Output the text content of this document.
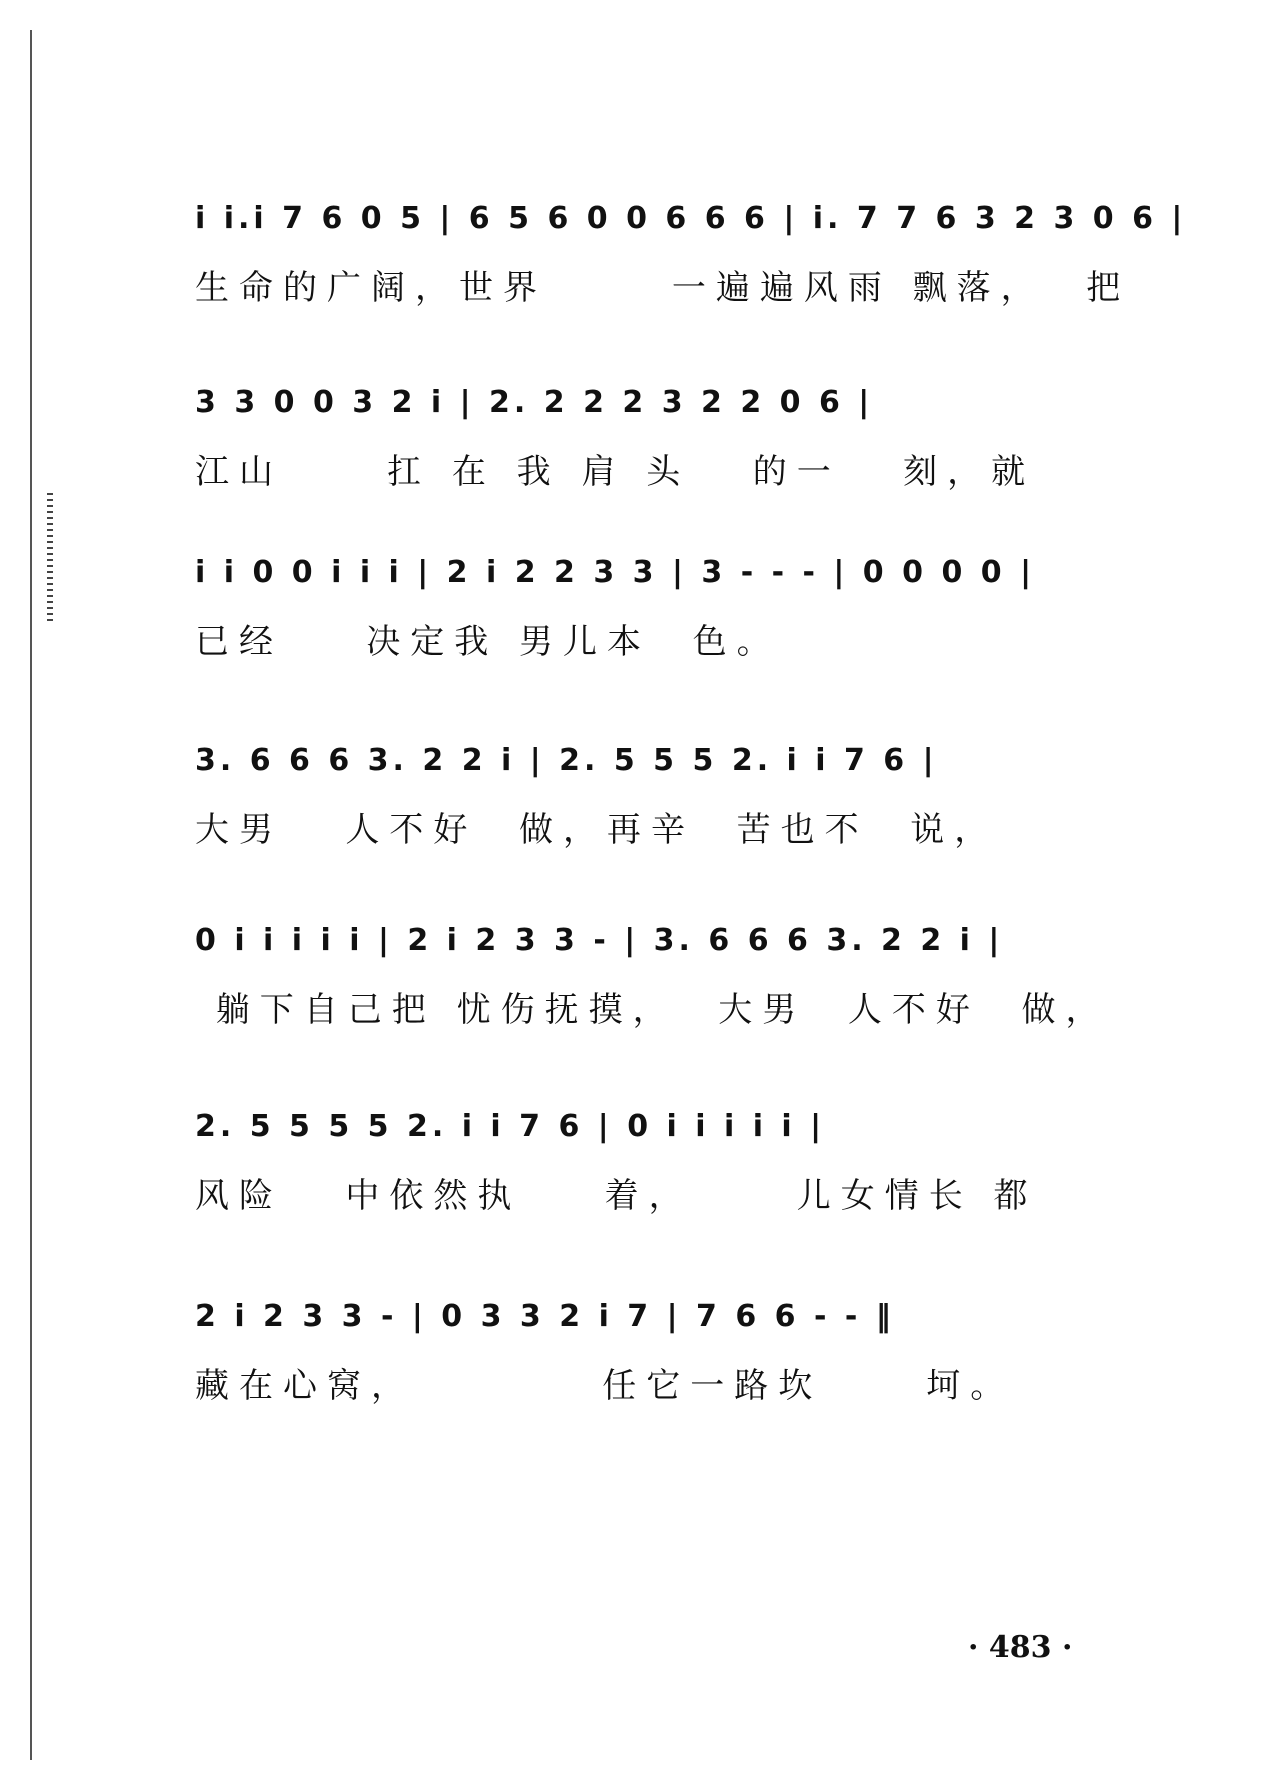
i i.i 7 6 0 5 | 6 5 6 0 0 6 6 6 | i. 7 7 6 3 2 3 0 6 |
生命的广阔，世界      一遍遍风雨 飘落，  把
3 3 0 0 3 2 i | 2. 2 2 2 3 2 2 0 6 |
江山     扛 在 我 肩 头   的一   刻，就
i i 0 0 i i i | 2 i 2 2 3 3 | 3 - - - | 0 0 0 0 |
已经    决定我 男儿本  色。
3. 6 6 6 3. 2 2 i | 2. 5 5 5 2. i i 7 6 |
大男   人不好  做，再辛  苦也不  说，
0 i i i i i | 2 i 2 3 3 - | 3. 6 6 6 3. 2 2 i |
躺下自己把 忧伤抚摸，  大男  人不好  做，
2. 5 5 5 5 2. i i 7 6 | 0 i i i i i |
风险   中依然执    着，     儿女情长 都
2 i 2 3 3 - | 0 3 3 2 i 7 | 7 6 6 - - ‖
藏在心窝，         任它一路坎     坷。
· 483 ·
